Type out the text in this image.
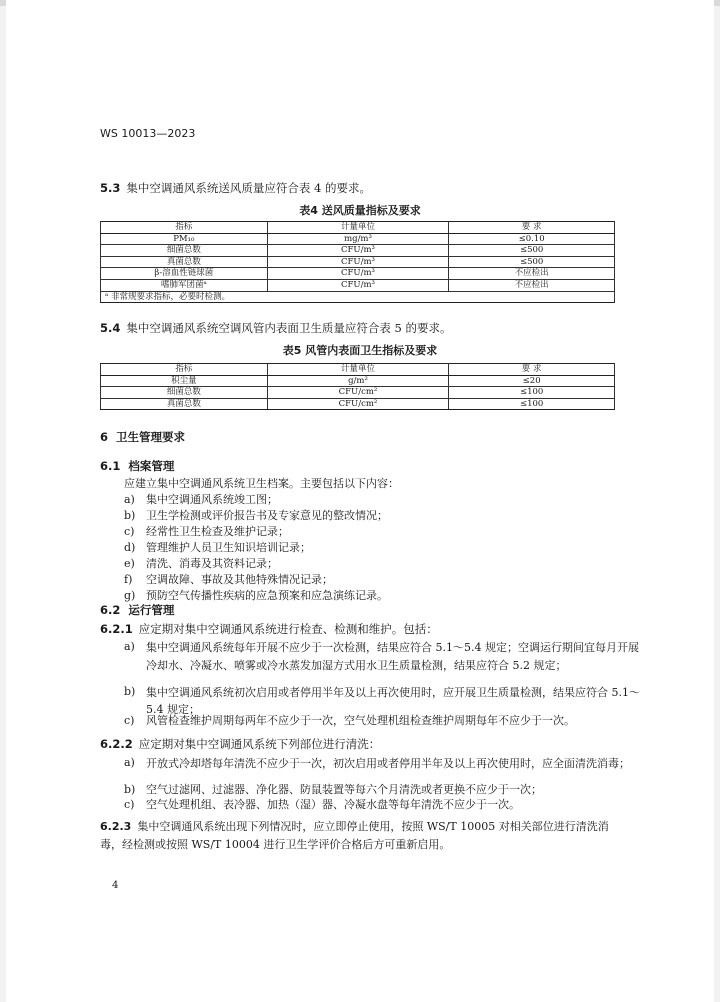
WS 10013—2023
5.3 集中空调通风系统送风质量应符合表 4 的要求。
表4 送风质量指标及要求
指标	计量单位	要 求
PM₁₀	mg/m³	≤0.10
细菌总数	CFU/m³	≤500
真菌总数	CFU/m³	≤500
β-溶血性链球菌	CFU/m³	不应检出
嗜肺军团菌ᵃ	CFU/m³	不应检出
ᵃ 非常规要求指标，必要时检测。		
5.4 集中空调通风系统空调风管内表面卫生质量应符合表 5 的要求。
表5 风管内表面卫生指标及要求
指标	计量单位	要 求
积尘量	g/m²	≤20
细菌总数	CFU/cm²	≤100
真菌总数	CFU/cm²	≤100
6 卫生管理要求
6.1 档案管理
应建立集中空调通风系统卫生档案。主要包括以下内容：
a) 集中空调通风系统竣工图；
b) 卫生学检测或评价报告书及专家意见的整改情况；
c) 经常性卫生检查及维护记录；
d) 管理维护人员卫生知识培训记录；
e) 清洗、消毒及其资料记录；
f) 空调故障、事故及其他特殊情况记录；
g) 预防空气传播性疾病的应急预案和应急演练记录。
6.2 运行管理
6.2.1 应定期对集中空调通风系统进行检查、检测和维护。包括：
a) 集中空调通风系统每年开展不应少于一次检测，结果应符合 5.1～5.4 规定；空调运行期间宜每月开展冷却水、冷凝水、喷雾或冷水蒸发加湿方式用水卫生质量检测，结果应符合 5.2 规定；
b) 集中空调通风系统初次启用或者停用半年及以上再次使用时，应开展卫生质量检测，结果应符合 5.1～5.4 规定；
c) 风管检查维护周期每两年不应少于一次，空气处理机组检查维护周期每年不应少于一次。
6.2.2 应定期对集中空调通风系统下列部位进行清洗：
a) 开放式冷却塔每年清洗不应少于一次，初次启用或者停用半年及以上再次使用时，应全面清洗消毒；
b) 空气过滤网、过滤器、净化器、防鼠装置等每六个月清洗或者更换不应少于一次；
c) 空气处理机组、表冷器、加热（湿）器、冷凝水盘等每年清洗不应少于一次。
6.2.3 集中空调通风系统出现下列情况时，应立即停止使用，按照 WS/T 10005 对相关部位进行清洗消毒，经检测或按照 WS/T 10004 进行卫生学评价合格后方可重新启用。
4
